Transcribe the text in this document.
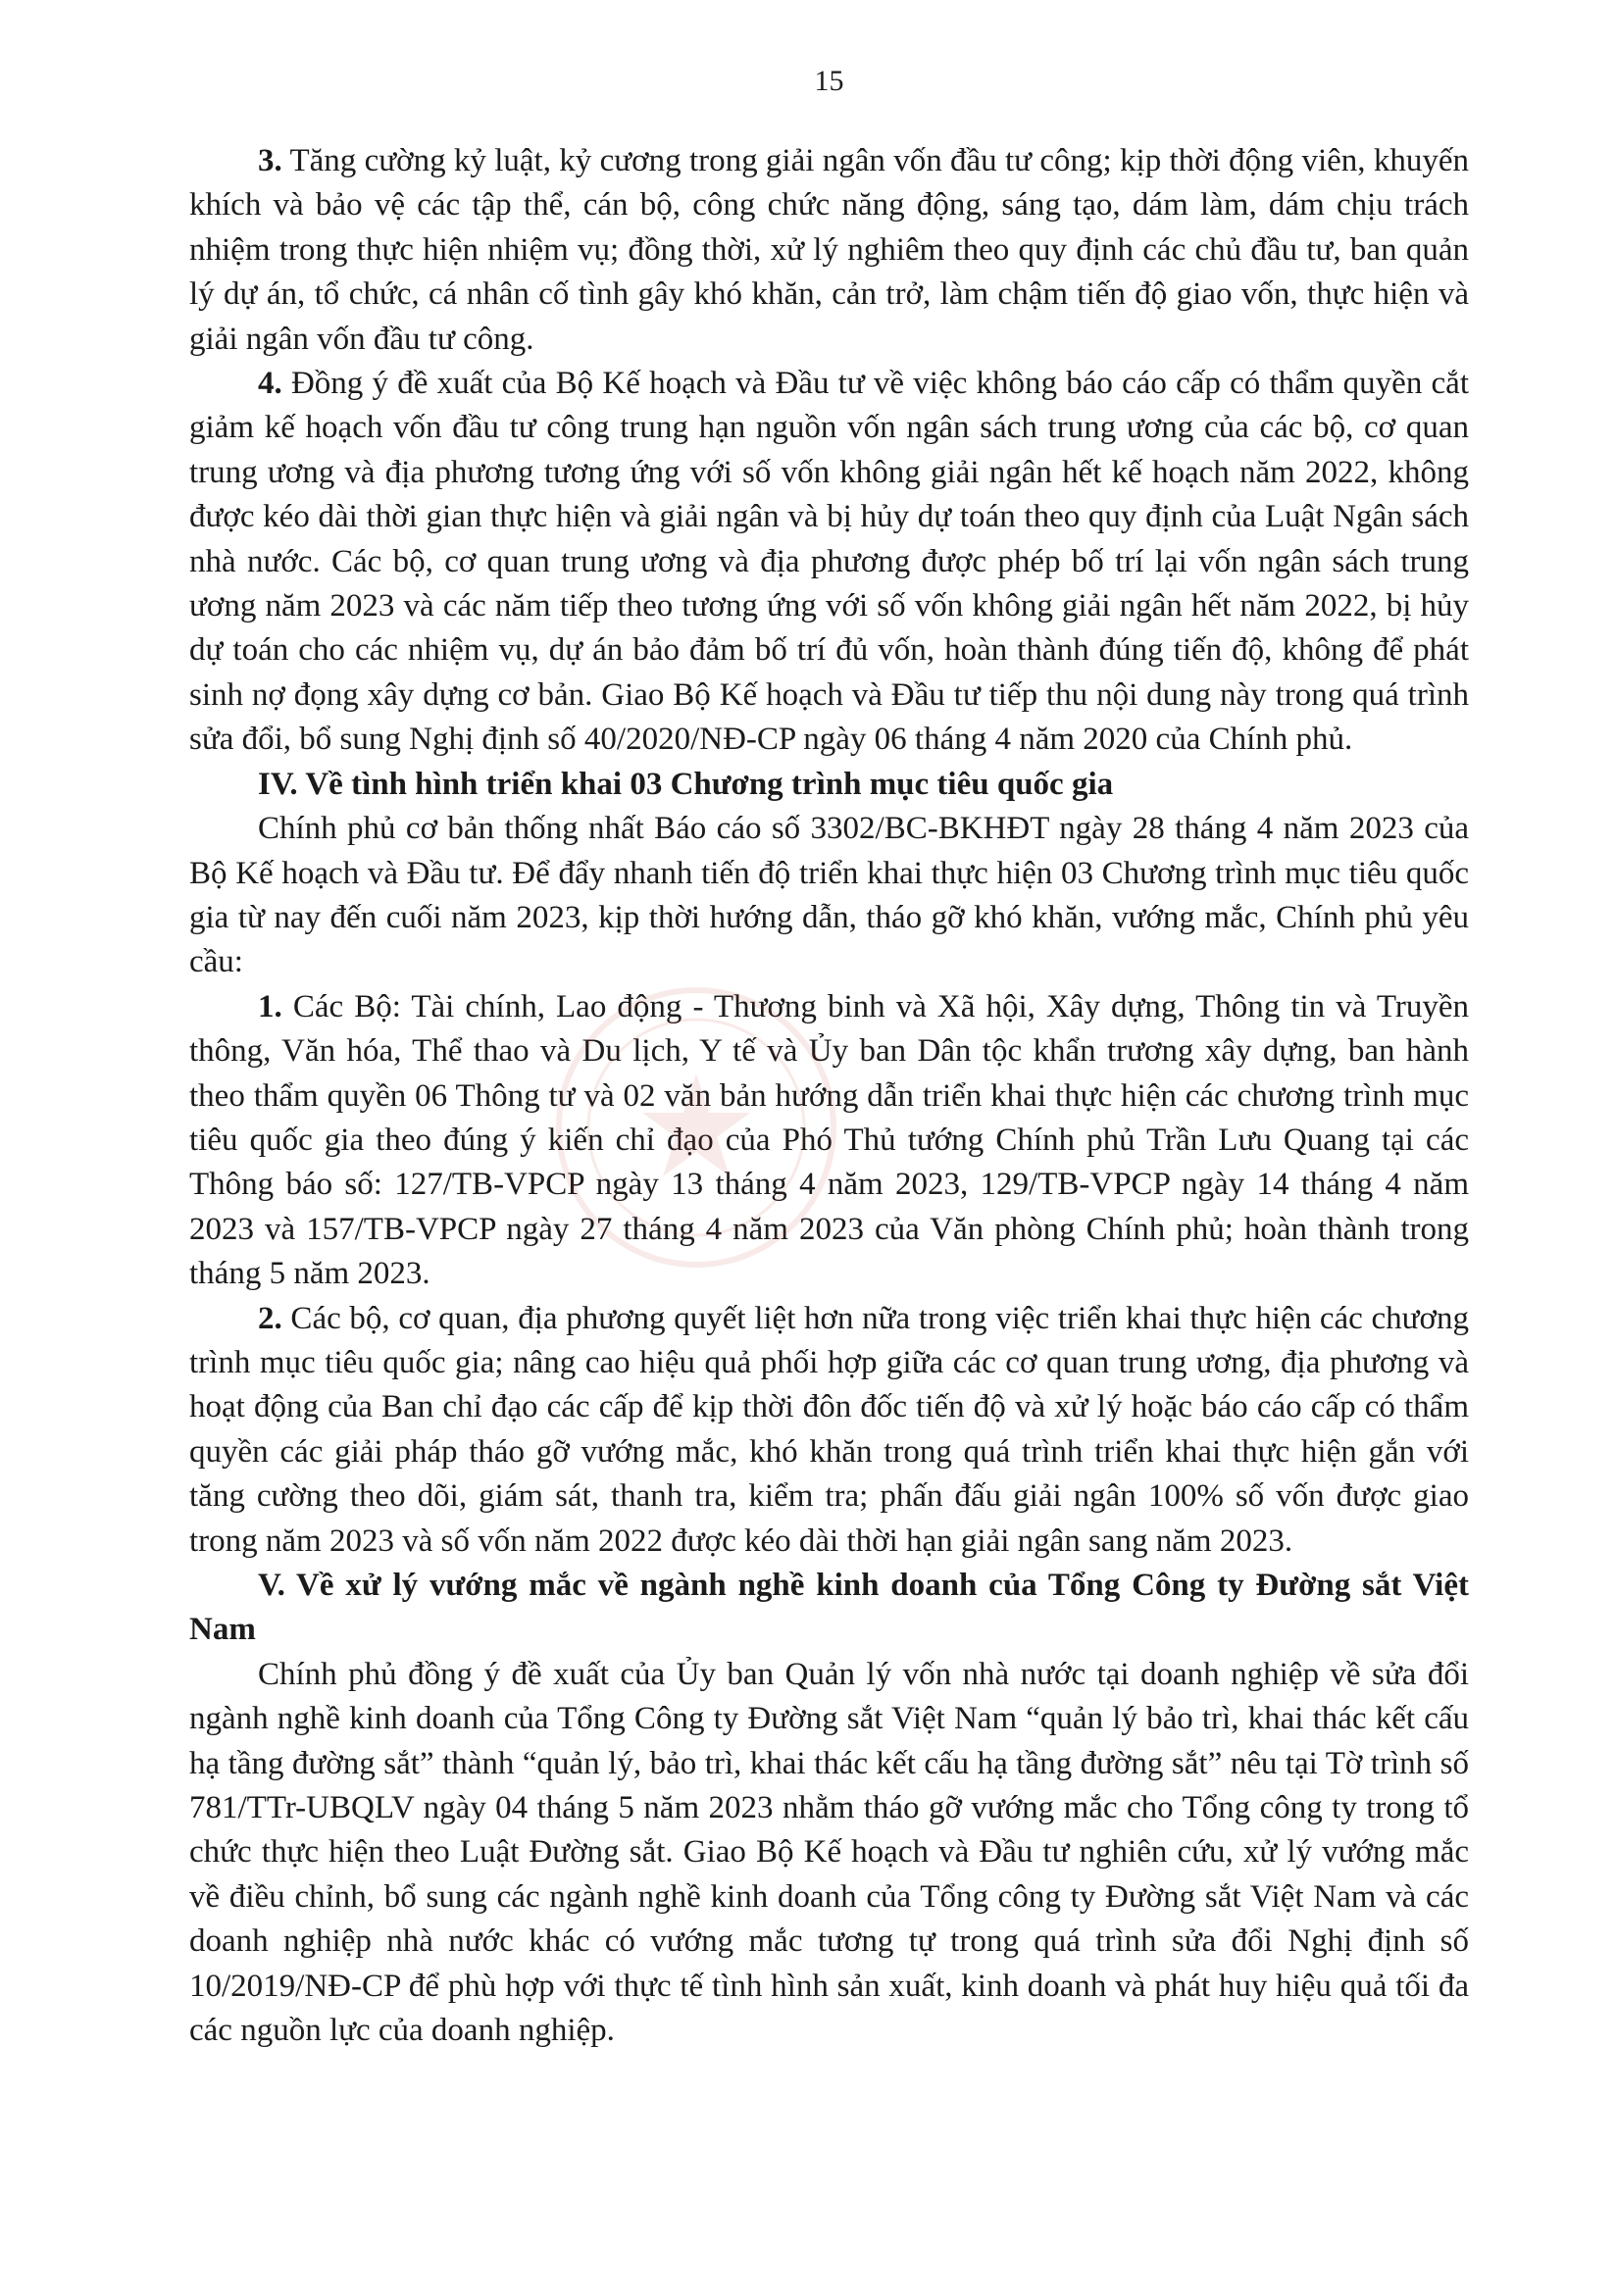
15

3. Tăng cường kỷ luật, kỷ cương trong giải ngân vốn đầu tư công; kịp thời động viên, khuyến khích và bảo vệ các tập thể, cán bộ, công chức năng động, sáng tạo, dám làm, dám chịu trách nhiệm trong thực hiện nhiệm vụ; đồng thời, xử lý nghiêm theo quy định các chủ đầu tư, ban quản lý dự án, tổ chức, cá nhân cố tình gây khó khăn, cản trở, làm chậm tiến độ giao vốn, thực hiện và giải ngân vốn đầu tư công.

4. Đồng ý đề xuất của Bộ Kế hoạch và Đầu tư về việc không báo cáo cấp có thẩm quyền cắt giảm kế hoạch vốn đầu tư công trung hạn nguồn vốn ngân sách trung ương của các bộ, cơ quan trung ương và địa phương tương ứng với số vốn không giải ngân hết kế hoạch năm 2022, không được kéo dài thời gian thực hiện và giải ngân và bị hủy dự toán theo quy định của Luật Ngân sách nhà nước. Các bộ, cơ quan trung ương và địa phương được phép bố trí lại vốn ngân sách trung ương năm 2023 và các năm tiếp theo tương ứng với số vốn không giải ngân hết năm 2022, bị hủy dự toán cho các nhiệm vụ, dự án bảo đảm bố trí đủ vốn, hoàn thành đúng tiến độ, không để phát sinh nợ đọng xây dựng cơ bản. Giao Bộ Kế hoạch và Đầu tư tiếp thu nội dung này trong quá trình sửa đổi, bổ sung Nghị định số 40/2020/NĐ-CP ngày 06 tháng 4 năm 2020 của Chính phủ.

IV. Về tình hình triển khai 03 Chương trình mục tiêu quốc gia

Chính phủ cơ bản thống nhất Báo cáo số 3302/BC-BKHĐT ngày 28 tháng 4 năm 2023 của Bộ Kế hoạch và Đầu tư. Để đẩy nhanh tiến độ triển khai thực hiện 03 Chương trình mục tiêu quốc gia từ nay đến cuối năm 2023, kịp thời hướng dẫn, tháo gỡ khó khăn, vướng mắc, Chính phủ yêu cầu:

1. Các Bộ: Tài chính, Lao động - Thương binh và Xã hội, Xây dựng, Thông tin và Truyền thông, Văn hóa, Thể thao và Du lịch, Y tế và Ủy ban Dân tộc khẩn trương xây dựng, ban hành theo thẩm quyền 06 Thông tư và 02 văn bản hướng dẫn triển khai thực hiện các chương trình mục tiêu quốc gia theo đúng ý kiến chỉ đạo của Phó Thủ tướng Chính phủ Trần Lưu Quang tại các Thông báo số: 127/TB-VPCP ngày 13 tháng 4 năm 2023, 129/TB-VPCP ngày 14 tháng 4 năm 2023 và 157/TB-VPCP ngày 27 tháng 4 năm 2023 của Văn phòng Chính phủ; hoàn thành trong tháng 5 năm 2023.

2. Các bộ, cơ quan, địa phương quyết liệt hơn nữa trong việc triển khai thực hiện các chương trình mục tiêu quốc gia; nâng cao hiệu quả phối hợp giữa các cơ quan trung ương, địa phương và hoạt động của Ban chỉ đạo các cấp để kịp thời đôn đốc tiến độ và xử lý hoặc báo cáo cấp có thẩm quyền các giải pháp tháo gỡ vướng mắc, khó khăn trong quá trình triển khai thực hiện gắn với tăng cường theo dõi, giám sát, thanh tra, kiểm tra; phấn đấu giải ngân 100% số vốn được giao trong năm 2023 và số vốn năm 2022 được kéo dài thời hạn giải ngân sang năm 2023.

V. Về xử lý vướng mắc về ngành nghề kinh doanh của Tổng Công ty Đường sắt Việt Nam

Chính phủ đồng ý đề xuất của Ủy ban Quản lý vốn nhà nước tại doanh nghiệp về sửa đổi ngành nghề kinh doanh của Tổng Công ty Đường sắt Việt Nam “quản lý bảo trì, khai thác kết cấu hạ tầng đường sắt” thành “quản lý, bảo trì, khai thác kết cấu hạ tầng đường sắt” nêu tại Tờ trình số 781/TTr-UBQLV ngày 04 tháng 5 năm 2023 nhằm tháo gỡ vướng mắc cho Tổng công ty trong tổ chức thực hiện theo Luật Đường sắt. Giao Bộ Kế hoạch và Đầu tư nghiên cứu, xử lý vướng mắc về điều chỉnh, bổ sung các ngành nghề kinh doanh của Tổng công ty Đường sắt Việt Nam và các doanh nghiệp nhà nước khác có vướng mắc tương tự trong quá trình sửa đổi Nghị định số 10/2019/NĐ-CP để phù hợp với thực tế tình hình sản xuất, kinh doanh và phát huy hiệu quả tối đa các nguồn lực của doanh nghiệp.
